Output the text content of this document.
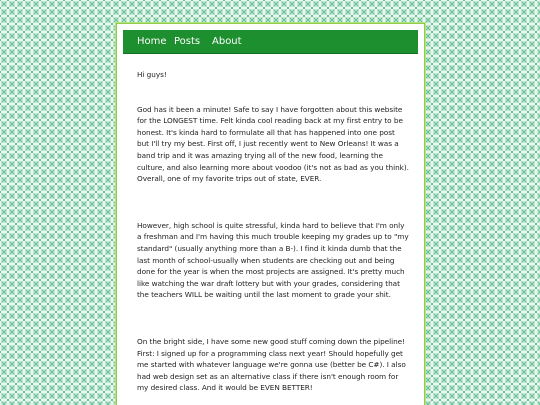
Home Posts About

Hi guys!

God has it been a minute! Safe to say I have forgotten about this website for the LONGEST time. Felt kinda cool reading back at my first entry to be honest. It's kinda hard to formulate all that has happened into one post but I'll try my best. First off, I just recently went to New Orleans! It was a band trip and it was amazing trying all of the new food, learning the culture, and also learning more about voodoo (it's not as bad as you think). Overall, one of my favorite trips out of state, EVER.

However, high school is quite stressful, kinda hard to believe that I'm only a freshman and I'm having this much trouble keeping my grades up to "my standard" (usually anything more than a B-). I find it kinda dumb that the last month of school-usually when students are checking out and being done for the year is when the most projects are assigned. It's pretty much like watching the war draft lottery but with your grades, considering that the teachers WILL be waiting until the last moment to grade your shit.

On the bright side, I have some new good stuff coming down the pipeline! First: I signed up for a programming class next year! Should hopefully get me started with whatever language we're gonna use (better be C#). I also had web design set as an alternative class if there isn't enough room for my desired class. And it would be EVEN BETTER!
